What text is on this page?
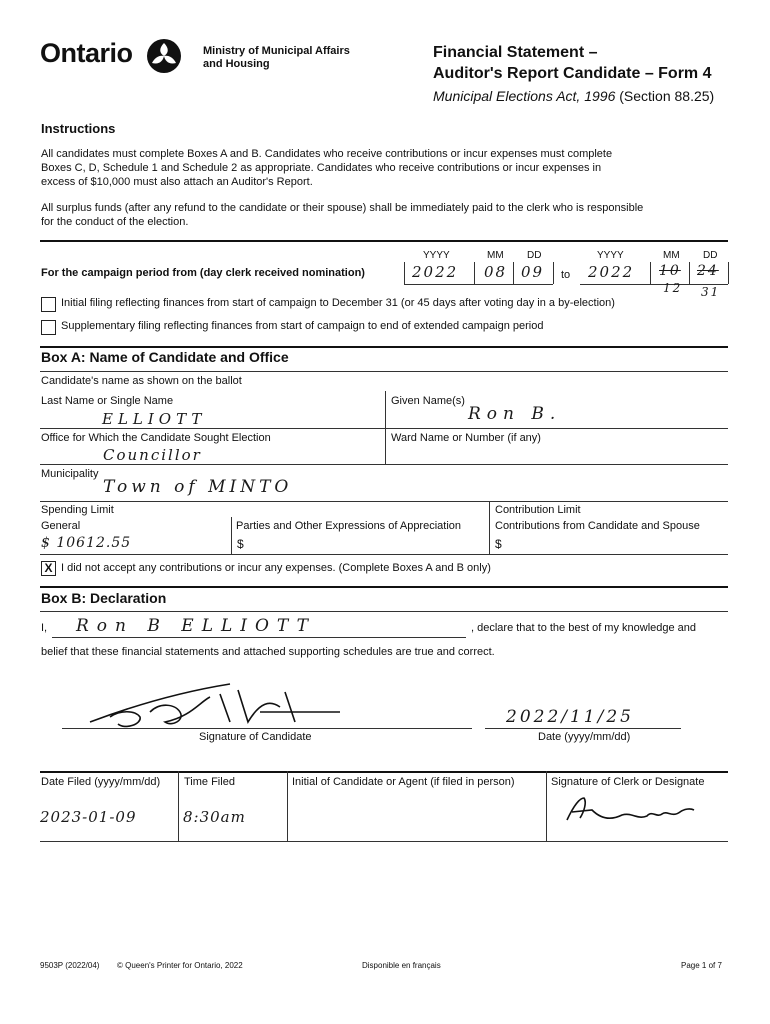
Ontario	Ministry of Municipal Affairs
and Housing
Financial Statement –
Auditor's Report Candidate – Form 4
Municipal Elections Act, 1996 (Section 88.25)
Instructions
All candidates must complete Boxes A and B. Candidates who receive contributions or incur expenses must complete
Boxes C, D, Schedule 1 and Schedule 2 as appropriate. Candidates who receive contributions or incur expenses in
excess of $10,000 must also attach an Auditor's Report.
All surplus funds (after any refund to the candidate or their spouse) shall be immediately paid to the clerk who is responsible
for the conduct of the election.
YYYY	MM DD	YYYY	MM DD
For the campaign period from (day clerk received nomination)	2022 08 09 to 2022 10 24
12 31
Initial filing reflecting finances from start of campaign to December 31 (or 45 days after voting day in a by-election)
Supplementary filing reflecting finances from start of campaign to end of extended campaign period
Box A: Name of Candidate and Office
Candidate's name as shown on the ballot
Last Name or Single Name
ELLIOTT
Given Name(s)
Ron B.
Office for Which the Candidate Sought Election
Councillor
Ward Name or Number (if any)
Municipality
Town of MINTO
Spending Limit
General
$ 10612.55
Parties and Other Expressions of Appreciation
$
Contribution Limit
Contributions from Candidate and Spouse
$
X I did not accept any contributions or incur any expenses. (Complete Boxes A and B only)
Box B: Declaration
I, Ron B ELLIOTT	, declare that to the best of my knowledge and
belief that these financial statements and attached supporting schedules are true and correct.
Signature of Candidate
2022/11/25
Date (yyyy/mm/dd)
Date Filed (yyyy/mm/dd)
2023-01-09
Time Filed
8:30am
Initial of Candidate or Agent (if filed in person)	Signature of Clerk or Designate
9503P (2022/04) © Queen's Printer for Ontario, 2022	Disponible en français	Page 1 of 7
